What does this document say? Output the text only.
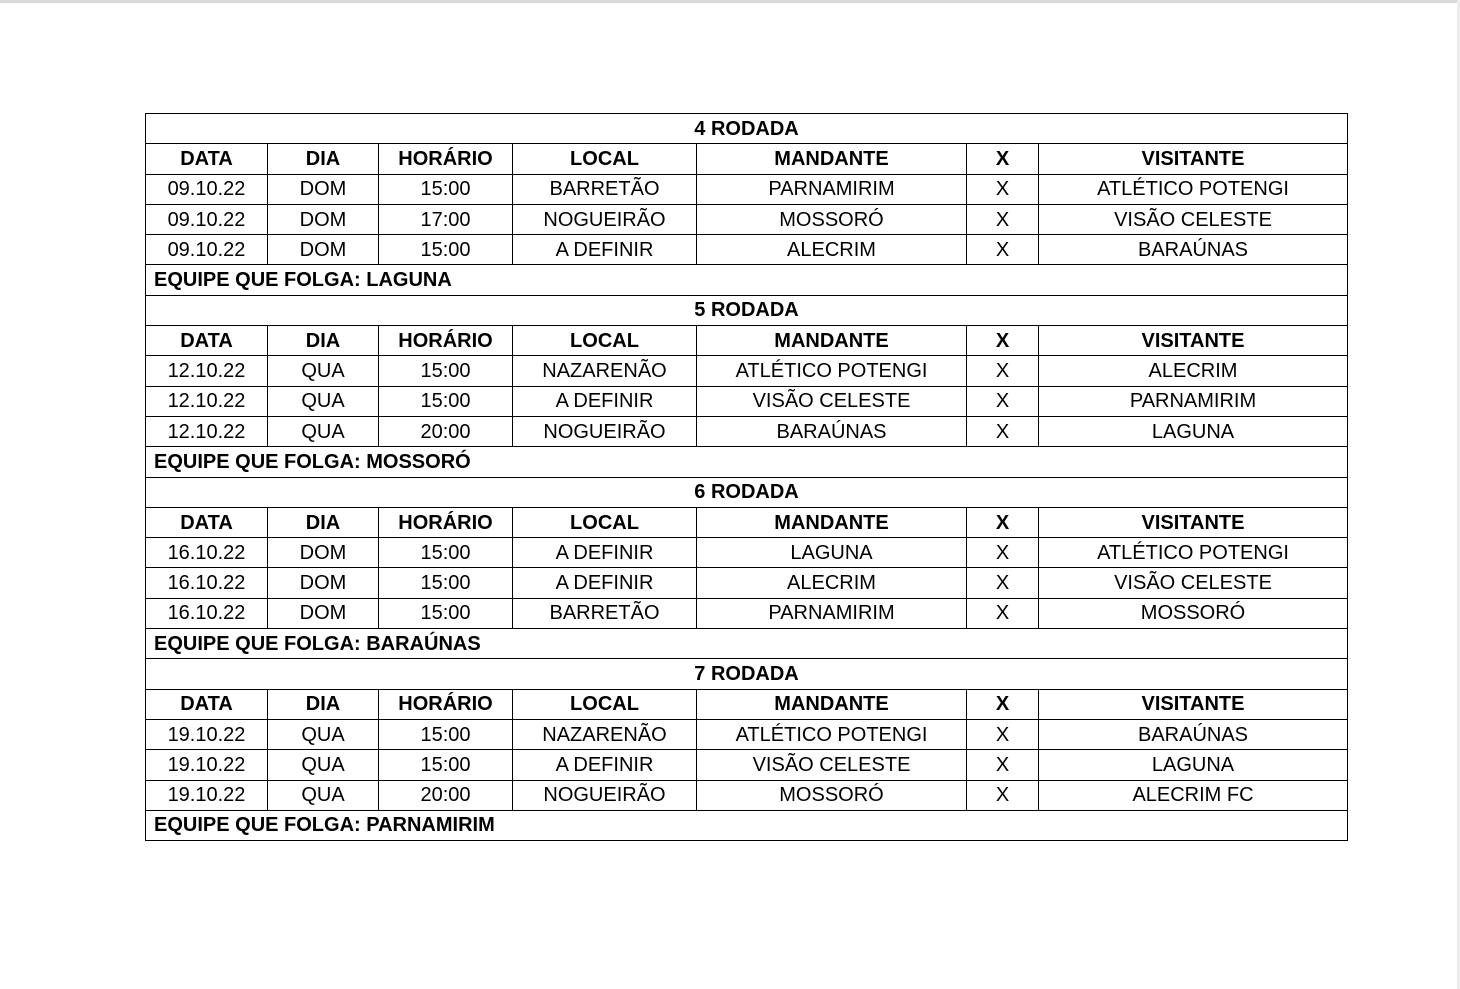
4 RODADA						
DATA	DIA	HORÁRIO	LOCAL	MANDANTE	X	VISITANTE
09.10.22	DOM	15:00	BARRETÃO	PARNAMIRIM	X	ATLÉTICO POTENGI
09.10.22	DOM	17:00	NOGUEIRÃO	MOSSORÓ	X	VISÃO CELESTE
09.10.22	DOM	15:00	A DEFINIR	ALECRIM	X	BARAÚNAS
EQUIPE QUE FOLGA: LAGUNA						
5 RODADA						
DATA	DIA	HORÁRIO	LOCAL	MANDANTE	X	VISITANTE
12.10.22	QUA	15:00	NAZARENÃO	ATLÉTICO POTENGI	X	ALECRIM
12.10.22	QUA	15:00	A DEFINIR	VISÃO CELESTE	X	PARNAMIRIM
12.10.22	QUA	20:00	NOGUEIRÃO	BARAÚNAS	X	LAGUNA
EQUIPE QUE FOLGA: MOSSORÓ						
6 RODADA						
DATA	DIA	HORÁRIO	LOCAL	MANDANTE	X	VISITANTE
16.10.22	DOM	15:00	A DEFINIR	LAGUNA	X	ATLÉTICO POTENGI
16.10.22	DOM	15:00	A DEFINIR	ALECRIM	X	VISÃO CELESTE
16.10.22	DOM	15:00	BARRETÃO	PARNAMIRIM	X	MOSSORÓ
EQUIPE QUE FOLGA: BARAÚNAS						
7 RODADA						
DATA	DIA	HORÁRIO	LOCAL	MANDANTE	X	VISITANTE
19.10.22	QUA	15:00	NAZARENÃO	ATLÉTICO POTENGI	X	BARAÚNAS
19.10.22	QUA	15:00	A DEFINIR	VISÃO CELESTE	X	LAGUNA
19.10.22	QUA	20:00	NOGUEIRÃO	MOSSORÓ	X	ALECRIM FC
EQUIPE QUE FOLGA: PARNAMIRIM						
